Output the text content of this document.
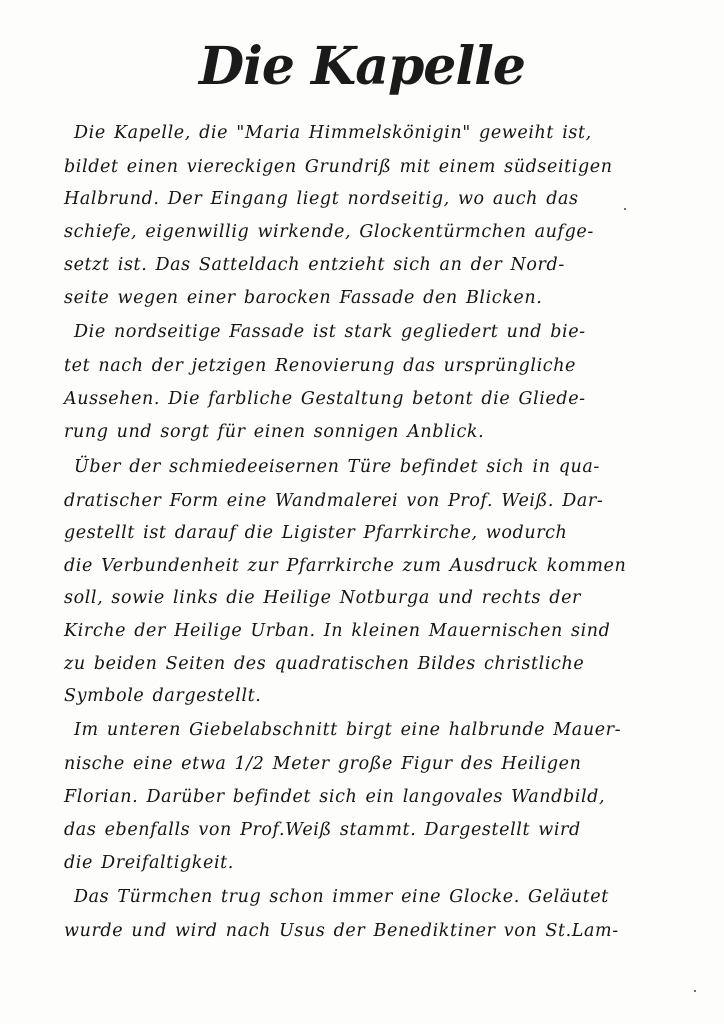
Die Kapelle
Die Kapelle, die "Maria Himmelskönigin" geweiht ist,
bildet einen viereckigen Grundriß mit einem südseitigen
Halbrund. Der Eingang liegt nordseitig, wo auch das
schiefe, eigenwillig wirkende, Glockentürmchen aufge-
setzt ist. Das Satteldach entzieht sich an der Nord-
seite wegen einer barocken Fassade den Blicken.
Die nordseitige Fassade ist stark gegliedert und bie-
tet nach der jetzigen Renovierung das ursprüngliche
Aussehen. Die farbliche Gestaltung betont die Gliede-
rung und sorgt für einen sonnigen Anblick.
Über der schmiedeeisernen Türe befindet sich in qua-
dratischer Form eine Wandmalerei von Prof. Weiß. Dar-
gestellt ist darauf die Ligister Pfarrkirche, wodurch
die Verbundenheit zur Pfarrkirche zum Ausdruck kommen
soll, sowie links die Heilige Notburga und rechts der
Kirche der Heilige Urban. In kleinen Mauernischen sind
zu beiden Seiten des quadratischen Bildes christliche
Symbole dargestellt.
Im unteren Giebelabschnitt birgt eine halbrunde Mauer-
nische eine etwa 1/2 Meter große Figur des Heiligen
Florian. Darüber befindet sich ein langovales Wandbild,
das ebenfalls von Prof.Weiß stammt. Dargestellt wird
die Dreifaltigkeit.
Das Türmchen trug schon immer eine Glocke. Geläutet
wurde und wird nach Usus der Benediktiner von St.Lam-
